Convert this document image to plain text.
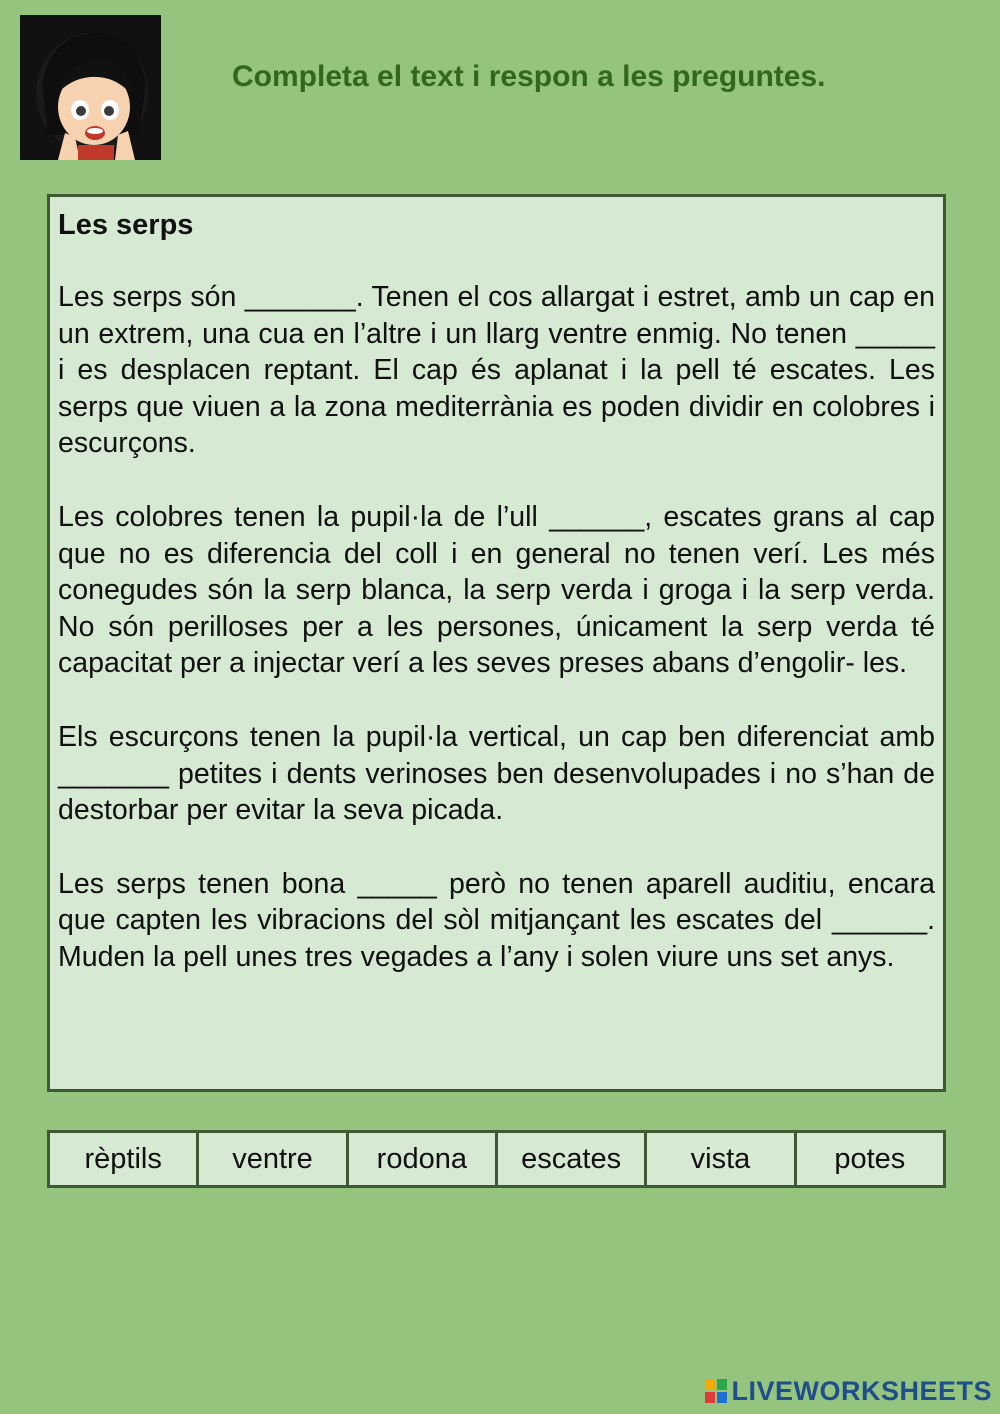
Completa el text i respon a les preguntes.
Les serps

Les serps són _______. Tenen el cos allargat i estret, amb un cap en un extrem, una cua en l’altre i un llarg ventre enmig. No tenen _____ i es desplacen reptant. El cap és aplanat i la pell té escates. Les serps que viuen a la zona mediterrània es poden dividir en colobres i escurçons.

Les colobres tenen la pupil·la de l’ull ______, escates grans al cap que no es diferencia del coll i en general no tenen verí. Les més conegudes són la serp blanca, la serp verda i groga i la serp verda. No són perilloses per a les persones, únicament la serp verda té capacitat per a injectar verí a les seves preses abans d’engolir- les.

Els escurçons tenen la pupil·la vertical, un cap ben diferenciat amb _______ petites i dents verinoses ben desenvolupades i no s’han de destorbar per evitar la seva picada.

Les serps tenen bona _____ però no tenen aparell auditiu, encara que capten les vibracions del sòl mitjançant les escates del ______. Muden la pell unes tres vegades a l’any i solen viure uns set anys.

rèptils	ventre	rodona	escates	vista	potes
LIVEWORKSHEETS
